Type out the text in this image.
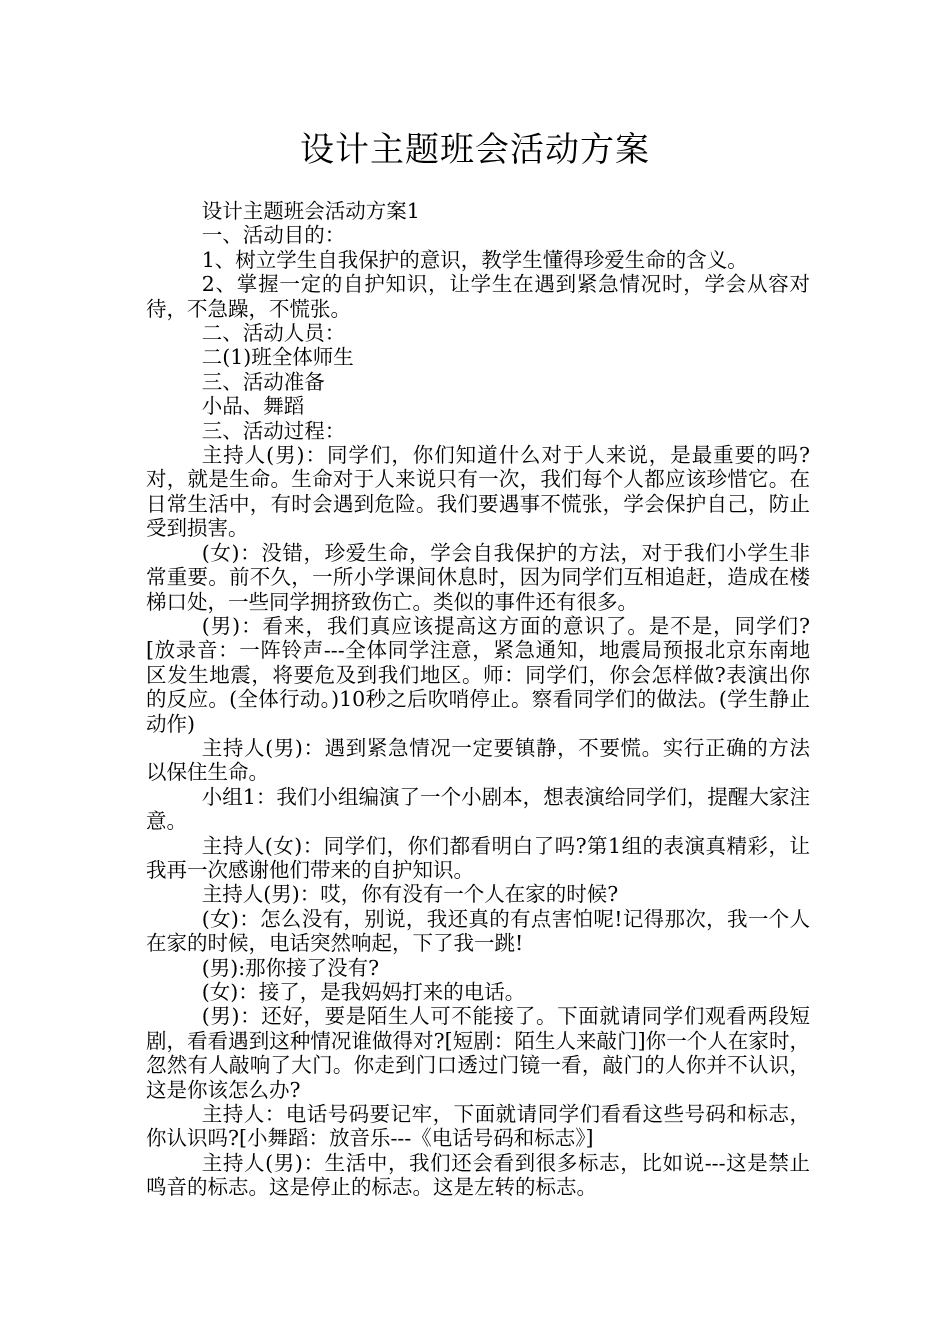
设计主题班会活动方案

设计主题班会活动方案1

一、活动目的：

1、树立学生自我保护的意识，教学生懂得珍爱生命的含义。

2、掌握一定的自护知识，让学生在遇到紧急情况时，学会从容对待，不急躁，不慌张。

二、活动人员：

二(1)班全体师生

三、活动准备

小品、舞蹈

三、活动过程：

主持人(男)：同学们，你们知道什么对于人来说，是最重要的吗?对，就是生命。生命对于人来说只有一次，我们每个人都应该珍惜它。在日常生活中，有时会遇到危险。我们要遇事不慌张，学会保护自己，防止受到损害。

(女)：没错，珍爱生命，学会自我保护的方法，对于我们小学生非常重要。前不久，一所小学课间休息时，因为同学们互相追赶，造成在楼梯口处，一些同学拥挤致伤亡。类似的事件还有很多。

(男)：看来，我们真应该提高这方面的意识了。是不是，同学们?[放录音：一阵铃声---全体同学注意，紧急通知，地震局预报北京东南地区发生地震，将要危及到我们地区。师：同学们，你会怎样做?表演出你的反应。(全体行动。)10秒之后吹哨停止。察看同学们的做法。(学生静止动作)

主持人(男)：遇到紧急情况一定要镇静，不要慌。实行正确的方法以保住生命。

小组1：我们小组编演了一个小剧本，想表演给同学们，提醒大家注意。

主持人(女)：同学们，你们都看明白了吗?第1组的表演真精彩，让我再一次感谢他们带来的自护知识。

主持人(男)：哎，你有没有一个人在家的时候?

(女)：怎么没有，别说，我还真的有点害怕呢!记得那次，我一个人在家的时候，电话突然响起，下了我一跳!

(男):那你接了没有?

(女)：接了，是我妈妈打来的电话。

(男)：还好，要是陌生人可不能接了。下面就请同学们观看两段短剧，看看遇到这种情况谁做得对?[短剧：陌生人来敲门]你一个人在家时，忽然有人敲响了大门。你走到门口透过门镜一看，敲门的人你并不认识，这是你该怎么办?

主持人：电话号码要记牢，下面就请同学们看看这些号码和标志，你认识吗?[小舞蹈：放音乐---《电话号码和标志》]

主持人(男)：生活中，我们还会看到很多标志，比如说---这是禁止鸣音的标志。这是停止的标志。这是左转的标志。
